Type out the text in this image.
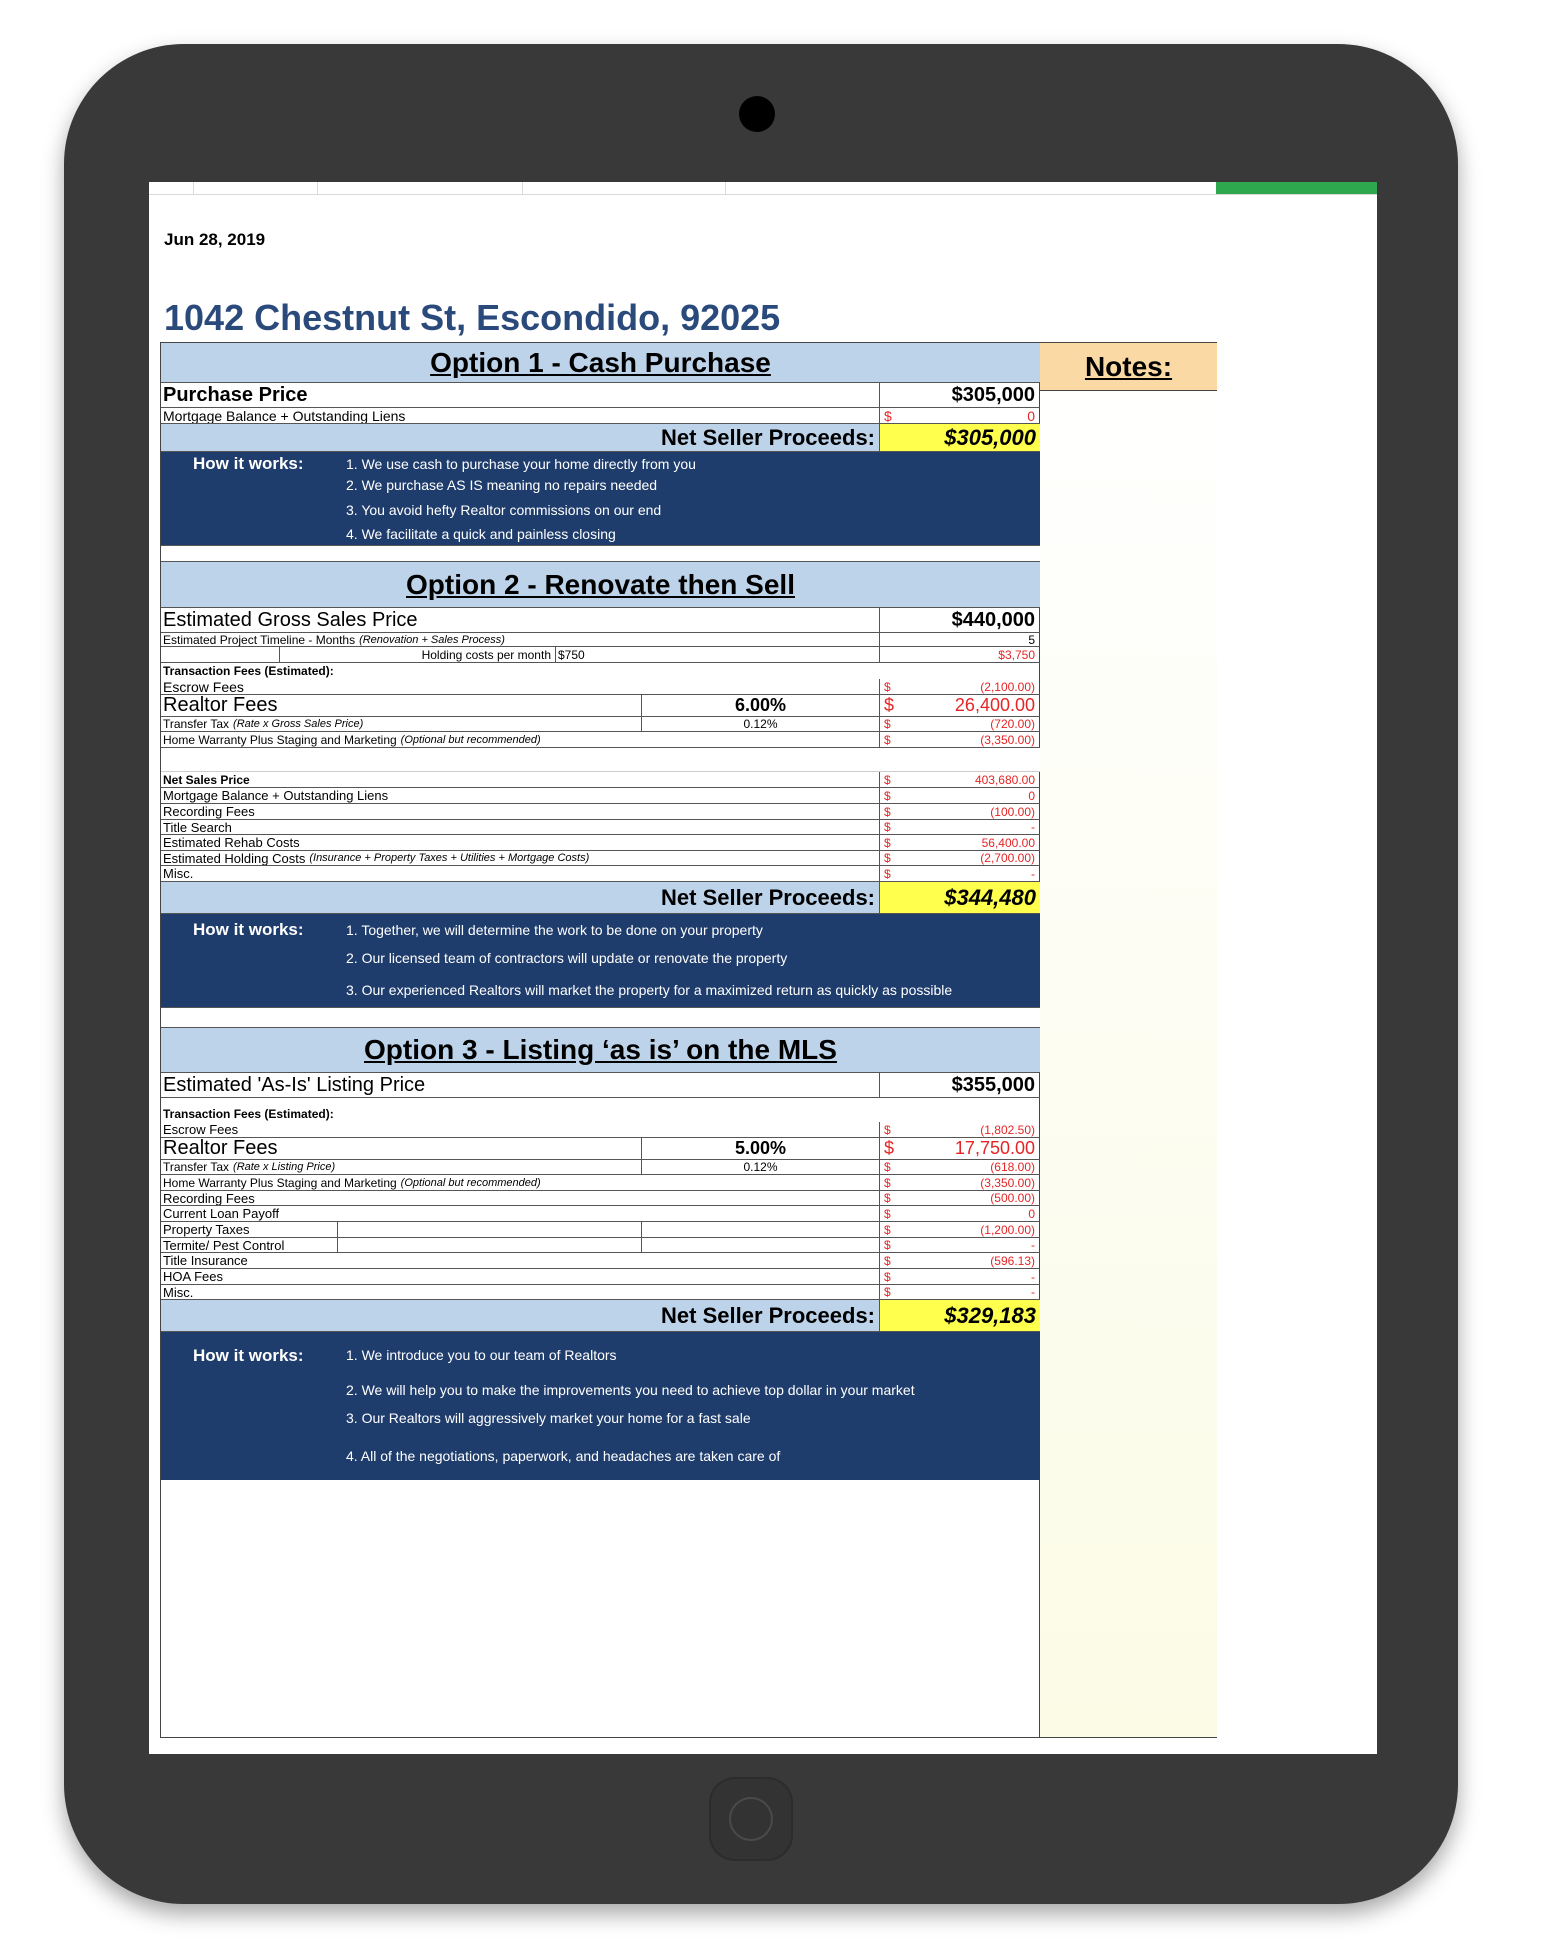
Jun 28, 2019
1042 Chestnut St, Escondido, 92025
Option 1 - Cash Purchase
Purchase Price	$305,000
Mortgage Balance + Outstanding Liens	$	0
Net Seller Proceeds:	$305,000
How it works:	1. We use cash to purchase your home directly from you
2. We purchase AS IS meaning no repairs needed
3. You avoid hefty Realtor commissions on our end
4. We facilitate a quick and painless closing
Option 2 - Renovate then Sell
Estimated Gross Sales Price	$440,000
Estimated Project Timeline - Months (Renovation + Sales Process)	5
Holding costs per month $750	$3,750
Transaction Fees (Estimated):
Escrow Fees	$	(2,100.00)
Realtor Fees	6.00%	$	26,400.00
Transfer Tax (Rate x Gross Sales Price)	0.12%	$	(720.00)
Home Warranty Plus Staging and Marketing (Optional but recommended)	$	(3,350.00)
Net Sales Price	$	403,680.00
Mortgage Balance + Outstanding Liens	$	0
Recording Fees	$	(100.00)
Title Search	$	-
Estimated Rehab Costs	$	56,400.00
Estimated Holding Costs (Insurance + Property Taxes + Utilities + Mortgage Costs)	$	(2,700.00)
Misc.	$	-
Net Seller Proceeds:	$344,480
How it works:	1. Together, we will determine the work to be done on your property
2. Our licensed team of contractors will update or renovate the property
3. Our experienced Realtors will market the property for a maximized return as quickly as possible
Option 3 - Listing ‘as is’ on the MLS
Estimated 'As-Is' Listing Price	$355,000
Transaction Fees (Estimated):
Escrow Fees	$	(1,802.50)
Realtor Fees	5.00%	$	17,750.00
Transfer Tax (Rate x Listing Price)	0.12%	$	(618.00)
Home Warranty Plus Staging and Marketing (Optional but recommended)	$	(3,350.00)
Recording Fees	$	(500.00)
Current Loan Payoff	$	0
Property Taxes	$	(1,200.00)
Termite/ Pest Control	$	-
Title Insurance	$	(596.13)
HOA Fees	$	-
Misc.	$	-
Net Seller Proceeds:	$329,183
How it works:	1. We introduce you to our team of Realtors
2. We will help you to make the improvements you need to achieve top dollar in your market
3. Our Realtors will aggressively market your home for a fast sale
4. All of the negotiations, paperwork, and headaches are taken care of
5. Your Realtor is with you to supervise the closing
Notes:
